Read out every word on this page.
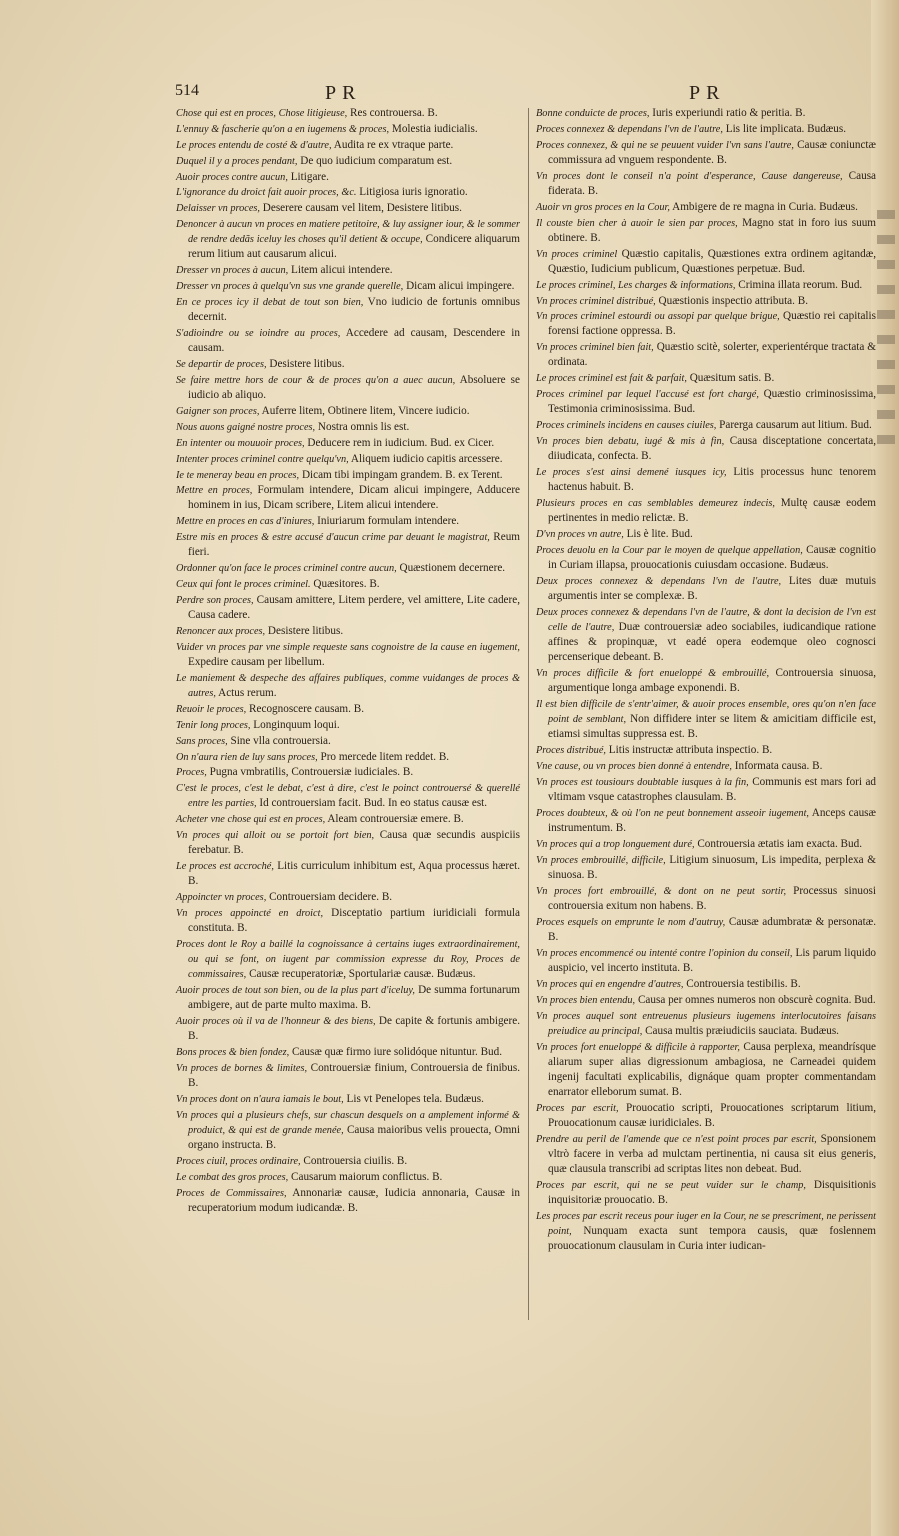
514	PR	PR

Chose qui est en proces, Chose litigieuse, Res controuersa. B.

L'ennuy & fascherie qu'on a en iugemens & proces, Molestia iudicialis.

Le proces entendu de costé & d'autre, Audita re ex vtraque parte.

Duquel il y a proces pendant, De quo iudicium comparatum est.

Auoir proces contre aucun, Litigare.

L'ignorance du droict fait auoir proces, &c. Litigiosa iuris ignoratio.

Delaisser vn proces, Deserere causam vel litem, Desistere litibus.

Denoncer à aucun vn proces en matiere petitoire, & luy assigner iour, & le sommer de rendre dedãs iceluy les choses qu'il detient & occupe, Condicere aliquarum rerum litium aut causarum alicui.

Dresser vn proces à aucun, Litem alicui intendere.

Dresser vn proces à quelqu'vn sus vne grande querelle, Dicam alicui impingere.

En ce proces icy il debat de tout son bien, Vno iudicio de fortunis omnibus decernit.

S'adioindre ou se ioindre au proces, Accedere ad causam, Descendere in causam.

Se departir de proces, Desistere litibus.

Se faire mettre hors de cour & de proces qu'on a auec aucun, Absoluere se iudicio ab aliquo.

Gaigner son proces, Auferre litem, Obtinere litem, Vincere iudicio.

Nous auons gaigné nostre proces, Nostra omnis lis est.

En intenter ou mouuoir proces, Deducere rem in iudicium. Bud. ex Cicer.

Intenter proces criminel contre quelqu'vn, Aliquem iudicio capitis arcessere.

Ie te meneray beau en proces, Dicam tibi impingam grandem. B. ex Terent.

Mettre en proces, Formulam intendere, Dicam alicui impingere, Adducere hominem in ius, Dicam scribere, Litem alicui intendere.

Mettre en proces en cas d'iniures, Iniuriarum formulam intendere.

Estre mis en proces & estre accusé d'aucun crime par deuant le magistrat, Reum fieri.

Ordonner qu'on face le proces criminel contre aucun, Quæstionem decernere.

Ceux qui font le proces criminel. Quæsitores. B.

Perdre son proces, Causam amittere, Litem perdere, vel amittere, Lite cadere, Causa cadere.

Renoncer aux proces, Desistere litibus.

Vuider vn proces par vne simple requeste sans cognoistre de la cause en iugement, Expedire causam per libellum.

Le maniement & despeche des affaires publiques, comme vuidanges de proces & autres, Actus rerum.

Reuoir le proces, Recognoscere causam. B.

Tenir long proces, Longinquum loqui.

Sans proces, Sine vlla controuersia.

On n'aura rien de luy sans proces, Pro mercede litem reddet. B.

Proces, Pugna vmbratilis, Controuersiæ iudiciales. B.

C'est le proces, c'est le debat, c'est à dire, c'est le poinct controuersé & querellé entre les parties, Id controuersiam facit. Bud. In eo status causæ est.

Acheter vne chose qui est en proces, Aleam controuersiæ emere. B.

Vn proces qui alloit ou se portoit fort bien, Causa quæ secundis auspiciis ferebatur. B.

Le proces est accroché, Litis curriculum inhibitum est, Aqua processus hæret. B.

Appoincter vn proces, Controuersiam decidere. B.

Vn proces appoincté en droict, Disceptatio partium iuridiciali formula constituta. B.

Proces dont le Roy a baillé la cognoissance à certains iuges extraordinairement, ou qui se font, on iugent par commission expresse du Roy, Proces de commissaires, Causæ recuperatoriæ, Sportulariæ causæ. Budæus.

Auoir proces de tout son bien, ou de la plus part d'iceluy, De summa fortunarum ambigere, aut de parte multo maxima. B.

Auoir proces où il va de l'honneur & des biens, De capite & fortunis ambigere. B.

Bons proces & bien fondez, Causæ quæ firmo iure solidóque nituntur. Bud.

Vn proces de bornes & limites, Controuersiæ finium, Controuersia de finibus. B.

Vn proces dont on n'aura iamais le bout, Lis vt Penelopes tela. Budæus.

Vn proces qui a plusieurs chefs, sur chascun desquels on a amplement informé & produict, & qui est de grande menée, Causa maioribus velis prouecta, Omni organo instructa. B.

Proces ciuil, proces ordinaire, Controuersia ciuilis. B.

Le combat des gros proces, Causarum maiorum conflictus. B.

Proces de Commissaires, Annonariæ causæ, Iudicia annonaria, Causæ in recuperatorium modum iudicandæ. B.

Bonne conduicte de proces, Iuris experiundi ratio & peritia. B.

Proces connexez & dependans l'vn de l'autre, Lis lite implicata. Budæus.

Proces connexez, & qui ne se peuuent vuider l'vn sans l'autre, Causæ coniunctæ commissura ad vnguem respondente. B.

Vn proces dont le conseil n'a point d'esperance, Cause dangereuse, Causa fiderata. B.

Auoir vn gros proces en la Cour, Ambigere de re magna in Curia. Budæus.

Il couste bien cher à auoir le sien par proces, Magno stat in foro ius suum obtinere. B.

Vn proces criminel Quæstio capitalis, Quæstiones extra ordinem agitandæ, Quæstio, Iudicium publicum, Quæstiones perpetuæ. Bud.

Le proces criminel, Les charges & informations, Crimina illata reorum. Bud.

Vn proces criminel distribué, Quæstionis inspectio attributa. B.

Vn proces criminel estourdi ou assopi par quelque brigue, Quæstio rei capitalis forensi factione oppressa. B.

Vn proces criminel bien fait, Quæstio scitè, solerter, experientérque tractata & ordinata.

Le proces criminel est fait & parfait, Quæsitum satis. B.

Proces criminel par lequel l'accusé est fort chargé, Quæstio criminosissima, Testimonia criminosissima. Bud.

Proces criminels incidens en causes ciuiles, Parerga causarum aut litium. Bud.

Vn proces bien debatu, iugé & mis à fin, Causa disceptatione concertata, diiudicata, confecta. B.

Le proces s'est ainsi demené iusques icy, Litis processus hunc tenorem hactenus habuit. B.

Plusieurs proces en cas semblables demeurez indecis, Multę causæ eodem pertinentes in medio relictæ. B.

D'vn proces vn autre, Lis è lite. Bud.

Proces deuolu en la Cour par le moyen de quelque appellation, Causæ cognitio in Curiam illapsa, prouocationis cuiusdam occasione. Budæus.

Deux proces connexez & dependans l'vn de l'autre, Lites duæ mutuis argumentis inter se complexæ. B.

Deux proces connexez & dependans l'vn de l'autre, & dont la decision de l'vn est celle de l'autre, Duæ controuersiæ adeo sociabiles, iudicandique ratione affines & propinquæ, vt eadé opera eodemque oleo cognosci percenserique debeant. B.

Vn proces difficile & fort enueloppé & embrouillé, Controuersia sinuosa, argumentique longa ambage exponendi. B.

Il est bien difficile de s'entr'aimer, & auoir proces ensemble, ores qu'on n'en face point de semblant, Non diffidere inter se litem & amicitiam difficile est, etiamsi simultas suppressa est. B.

Proces distribué, Litis instructæ attributa inspectio. B.

Vne cause, ou vn proces bien donné à entendre, Informata causa. B.

Vn proces est tousiours doubtable iusques à la fin, Communis est mars fori ad vltimam vsque catastrophes clausulam. B.

Proces doubteux, & où l'on ne peut bonnement asseoir iugement, Anceps causæ instrumentum. B.

Vn proces qui a trop longuement duré, Controuersia ætatis iam exacta. Bud.

Vn proces embrouillé, difficile, Litigium sinuosum, Lis impedita, perplexa & sinuosa. B.

Vn proces fort embrouillé, & dont on ne peut sortir, Processus sinuosi controuersia exitum non habens. B.

Proces esquels on emprunte le nom d'autruy, Causæ adumbratæ & personatæ. B.

Vn proces encommencé ou intenté contre l'opinion du conseil, Lis parum liquido auspicio, vel incerto instituta. B.

Vn proces qui en engendre d'autres, Controuersia testibilis. B.

Vn proces bien entendu, Causa per omnes numeros non obscurè cognita. Bud.

Vn proces auquel sont entreuenus plusieurs iugemens interlocutoires faisans preiudice au principal, Causa multis præiudiciis sauciata. Budæus.

Vn proces fort enueloppé & difficile à rapporter, Causa perplexa, meandrísque aliarum super alias digressionum ambagiosa, ne Carneadei quidem ingenij facultati explicabilis, dignáque quam propter commentandam enarrator elleborum sumat. B.

Proces par escrit, Prouocatio scripti, Prouocationes scriptarum litium, Prouocationum causæ iuridiciales. B.

Prendre au peril de l'amende que ce n'est point proces par escrit, Sponsionem vltrò facere in verba ad mulctam pertinentia, ni causa sit eius generis, quæ clausula transcribi ad scriptas lites non debeat. Bud.

Proces par escrit, qui ne se peut vuider sur le champ, Disquisitionis inquisitoriæ prouocatio. B.

Les proces par escrit receus pour iuger en la Cour, ne se prescriment, ne perissent point, Nunquam exacta sunt tempora causis, quæ foslennem prouocationum clausulam in Curia inter iudican-
